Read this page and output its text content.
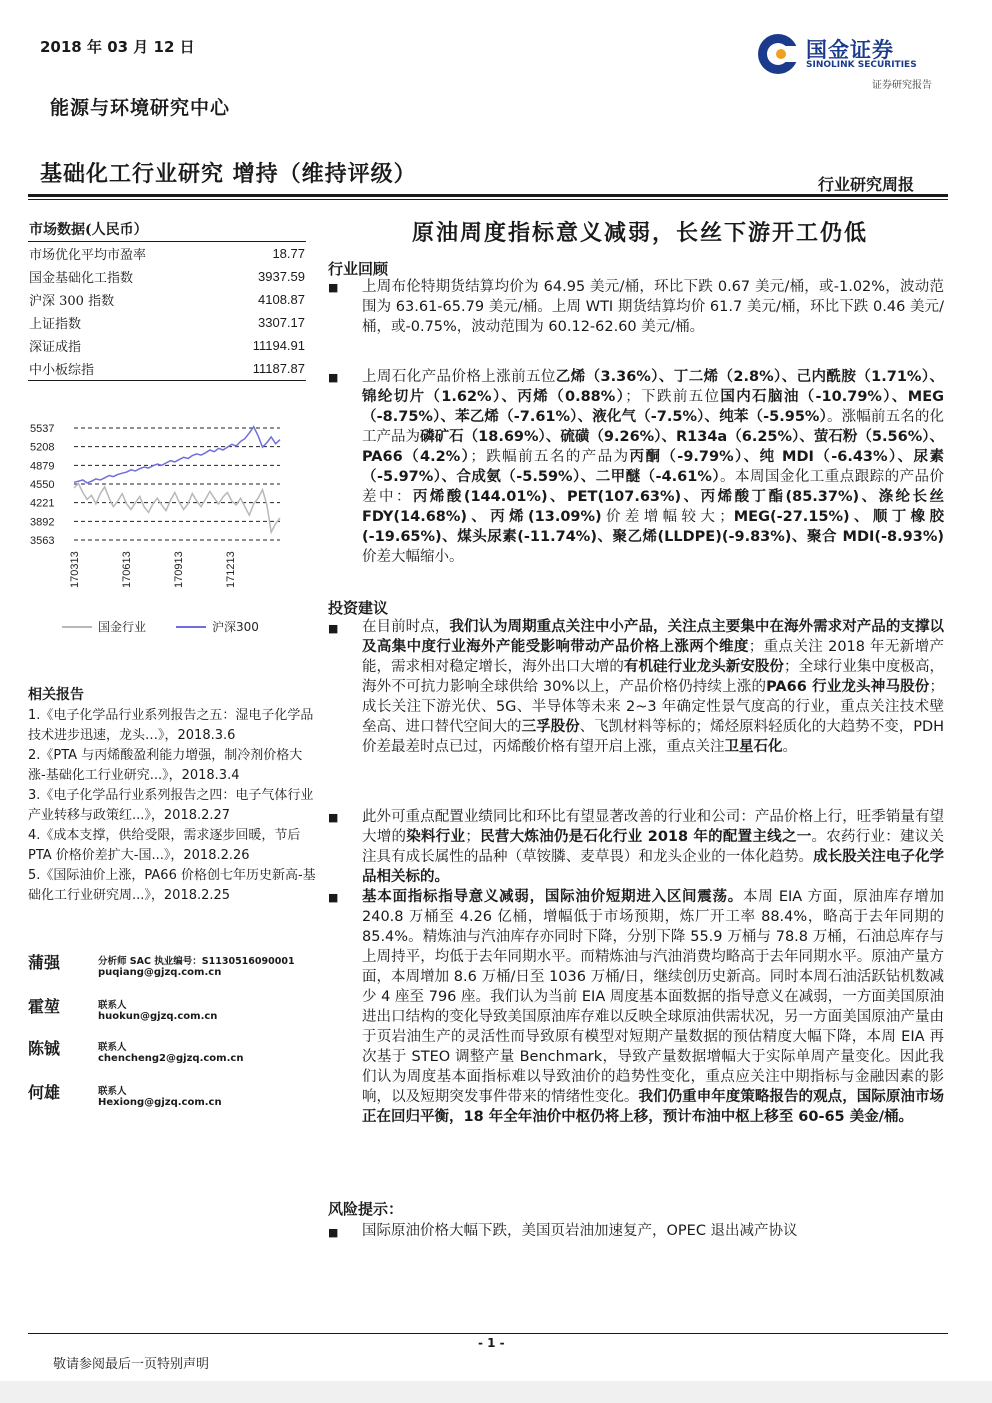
2018 年 03 月 12 日
能源与环境研究中心
基础化工行业研究 增持（维持评级）	行业研究周报
国金证券
SINOLINK SECURITIES
证券研究报告
市场数据(人民币）	
市场优化平均市盈率	18.77
国金基础化工指数	3937.59
沪深 300 指数	4108.87
上证指数	3307.17
深证成指	11194.91
中小板综指	11187.87
5537
5208
4879
4550
4221
3892
3563
170313	170613	170913	171213
国金行业	沪深300
相关报告

1.《电子化学品行业系列报告之五：湿电子化学品 技术进步迅速，龙头…》，2018.3.6

2.《PTA 与丙烯酸盈利能力增强，制冷剂价格大涨-基础化工行业研究...》，2018.3.4

3.《电子化学品行业系列报告之四：电子气体行业 产业转移与政策红...》，2018.2.27

4.《成本支撑，供给受限，需求逐步回暖，节后 PTA 价格价差扩大-国...》，2018.2.26

5.《国际油价上涨，PA66 价格创七年历史新高-基础化工行业研究周...》，2018.2.25

蒲强	分析师 SAC 执业编号：S1130516090001
puqiang@gjzq.com.cn
霍堃	联系人
huokun@gjzq.com.cn
陈铖	联系人
chencheng2@gjzq.com.cn
何雄	联系人
Hexiong@gjzq.com.cn
原油周度指标意义减弱，长丝下游开工仍低
行业回顾
■ 上周布伦特期货结算均价为 64.95 美元/桶，环比下跌 0.67 美元/桶，或-1.02%，波动范围为 63.61-65.79 美元/桶。上周 WTI 期货结算均价 61.7 美元/桶，环比下跌 0.46 美元/桶，或-0.75%，波动范围为 60.12-62.60 美元/桶。
■ 上周石化产品价格上涨前五位乙烯（3.36%）、丁二烯（2.8%）、己内酰胺（1.71%）、锦纶切片（1.62%）、丙烯（0.88%）；下跌前五位国内石脑油（-10.79%）、MEG（-8.75%）、苯乙烯（-7.61%）、液化气（-7.5%）、纯苯（-5.95%）。涨幅前五名的化工产品为磷矿石（18.69%）、硫磺（9.26%）、R134a（6.25%）、萤石粉（5.56%）、PA66（4.2%）；跌幅前五名的产品为丙酮（-9.79%）、纯 MDI（-6.43%）、尿素（-5.97%）、合成氨（-5.59%）、二甲醚（-4.61%）。本周国金化工重点跟踪的产品价差中：丙烯酸(144.01%)、PET(107.63%)、丙烯酸丁酯(85.37%)、涤纶长丝 FDY(14.68%)、丙烯(13.09%)价差增幅较大；MEG(-27.15%)、顺丁橡胶(-19.65%)、煤头尿素(-11.74%)、聚乙烯(LLDPE)(-9.83%)、聚合 MDI(-8.93%)价差大幅缩小。
投资建议
■ 在目前时点，我们认为周期重点关注中小产品，关注点主要集中在海外需求对产品的支撑以及高集中度行业海外产能受影响带动产品价格上涨两个维度；重点关注 2018 年无新增产能，需求相对稳定增长，海外出口大增的有机硅行业龙头新安股份；全球行业集中度极高，海外不可抗力影响全球供给 30%以上，产品价格仍持续上涨的PA66 行业龙头神马股份；成长关注下游光伏、5G、半导体等未来 2~3 年确定性景气度高的行业，重点关注技术壁垒高、进口替代空间大的三孚股份、飞凯材料等标的；烯烃原料轻质化的大趋势不变，PDH 价差最差时点已过，丙烯酸价格有望开启上涨，重点关注卫星石化。
■ 此外可重点配置业绩同比和环比有望显著改善的行业和公司：产品价格上行，旺季销量有望大增的染料行业；民营大炼油仍是石化行业 2018 年的配置主线之一。农药行业：建议关注具有成长属性的品种（草铵膦、麦草畏）和龙头企业的一体化趋势。成长股关注电子化学品相关标的。
■ 基本面指标指导意义减弱，国际油价短期进入区间震荡。本周 EIA 方面，原油库存增加 240.8 万桶至 4.26 亿桶，增幅低于市场预期，炼厂开工率 88.4%，略高于去年同期的 85.4%。精炼油与汽油库存亦同时下降，分别下降 55.9 万桶与 78.8 万桶，石油总库存与上周持平，均低于去年同期水平。而精炼油与汽油消费均略高于去年同期水平。原油产量方面，本周增加 8.6 万桶/日至 1036 万桶/日，继续创历史新高。同时本周石油活跃钻机数减少 4 座至 796 座。我们认为当前 EIA 周度基本面数据的指导意义在减弱，一方面美国原油进出口结构的变化导致美国原油库存难以反映全球原油供需状况，另一方面美国原油产量由于页岩油生产的灵活性而导致原有模型对短期产量数据的预估精度大幅下降，本周 EIA 再次基于 STEO 调整产量 Benchmark，导致产量数据增幅大于实际单周产量变化。因此我们认为周度基本面指标难以导致油价的趋势性变化，重点应关注中期指标与金融因素的影响，以及短期突发事件带来的情绪性变化。我们仍重申年度策略报告的观点，国际原油市场正在回归平衡，18 年全年油价中枢仍将上移，预计布油中枢上移至 60-65 美金/桶。
风险提示：
■ 国际原油价格大幅下跌，美国页岩油加速复产，OPEC 退出减产协议
- 1 -
敬请参阅最后一页特别声明
